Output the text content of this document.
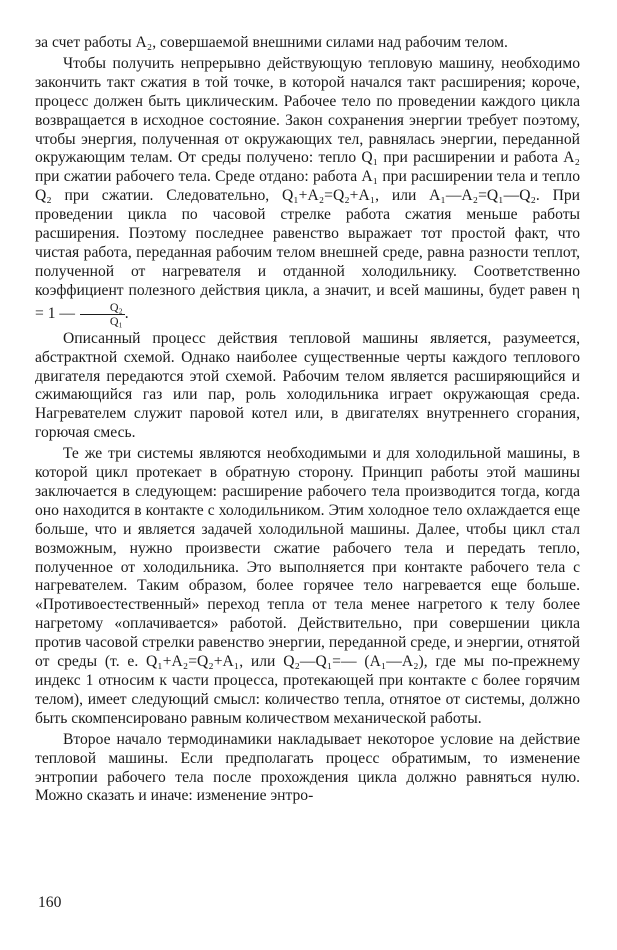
за счет работы A₂, совершаемой внешними силами над рабочим телом.

Чтобы получить непрерывно действующую тепловую машину, необходимо закончить такт сжатия в той точке, в которой начался такт расширения; короче, процесс должен быть циклическим. Рабочее тело по проведении каждого цикла возвращается в исходное состояние. Закон сохранения энергии требует поэтому, чтобы энергия, полученная от окружающих тел, равнялась энергии, переданной окружающим телам. От среды получено: тепло Q₁ при расширении и работа A₂ при сжатии рабочего тела. Среде отдано: работа A₁ при расширении тела и тепло Q₂ при сжатии. Следовательно, Q₁+A₂=Q₂+A₁, или A₁—A₂=Q₁—Q₂. При проведении цикла по часовой стрелке работа сжатия меньше работы расширения. Поэтому последнее равенство выражает тот простой факт, что чистая работа, переданная рабочим телом внешней среде, равна разности теплот, полученной от нагревателя и отданной холодильнику. Соответственно коэффициент полезного действия цикла, а значит, и всей машины, будет равен η = 1 — $\frac{\text{Q₂}}{\text{Q₁}}$ .

Описанный процесс действия тепловой машины является, разумеется, абстрактной схемой. Однако наиболее существенные черты каждого теплового двигателя передаются этой схемой. Рабочим телом является расширяющийся и сжимающийся газ или пар, роль холодильника играет окружающая среда. Нагревателем служит паровой котел или, в двигателях внутреннего сгорания, горючая смесь.

Те же три системы являются необходимыми и для холодильной машины, в которой цикл протекает в обратную сторону. Принцип работы этой машины заключается в следующем: расширение рабочего тела производится тогда, когда оно находится в контакте с холодильником. Этим холодное тело охлаждается еще больше, что и является задачей холодильной машины. Далее, чтобы цикл стал возможным, нужно произвести сжатие рабочего тела и передать тепло, полученное от холодильника. Это выполняется при контакте рабочего тела с нагревателем. Таким образом, более горячее тело нагревается еще больше. «Противоестественный» переход тепла от тела менее нагретого к телу более нагретому «оплачивается» работой. Действительно, при совершении цикла против часовой стрелки равенство энергии, переданной среде, и энергии, отнятой от среды (т. е. Q₁+A₂=Q₂+A₁, или Q₂—Q₁=— (A₁—A₂), где мы по-прежнему индекс 1 относим к части процесса, протекающей при контакте с более горячим телом), имеет следующий смысл: количество тепла, отнятое от системы, должно быть скомпенсировано равным количеством механической работы.

Второе начало термодинамики накладывает некоторое условие на действие тепловой машины. Если предполагать процесс обратимым, то изменение энтропии рабочего тела после прохождения цикла должно равняться нулю. Можно сказать и иначе: изменение энтро-

160
